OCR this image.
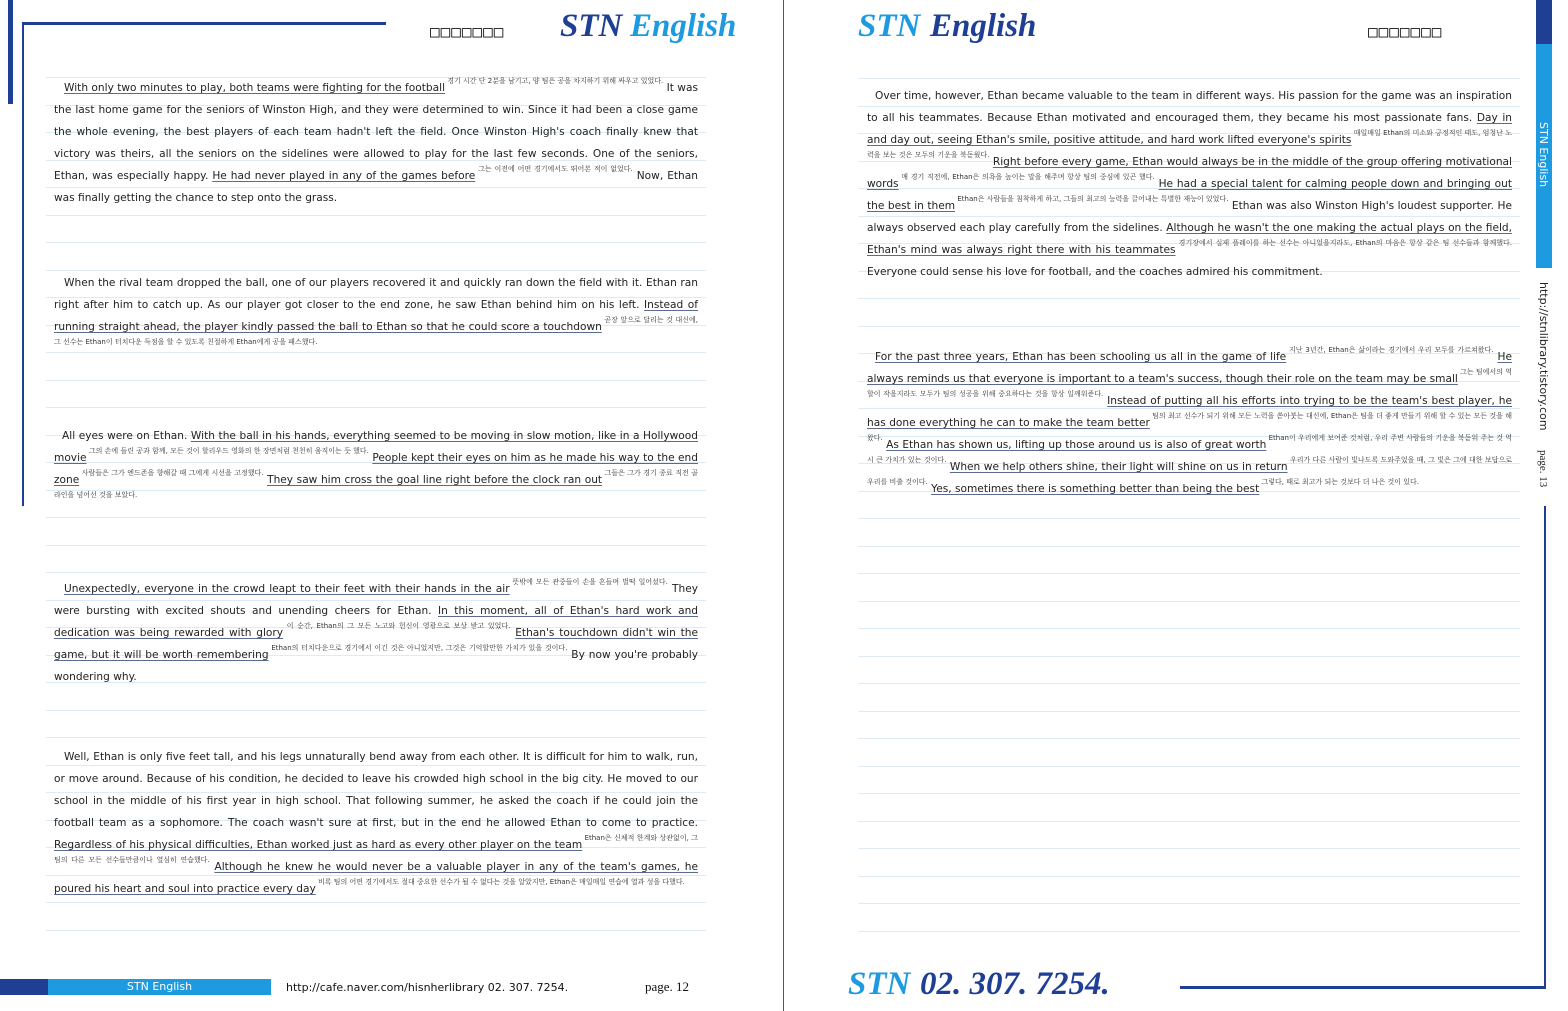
□□□□□□□ STN English
With only two minutes to play, both teams were fighting for the football $^{경기 시간 단 2분을 남기고, 양 팀은 공을 차지하기 위해 싸우고 있었다.}$ It was the last home game for the seniors of Winston High, and they were determined to win. Since it had been a close game the whole evening, the best players of each team hadn't left the field. Once Winston High's coach finally knew that victory was theirs, all the seniors on the sidelines were allowed to play for the last few seconds. One of the seniors, Ethan, was especially happy. He had never played in any of the games before $^{그는 이전에 어떤 경기에서도 뛰어본 적이 없었다.}$ Now, Ethan was finally getting the chance to step onto the grass.
When the rival team dropped the ball, one of our players recovered it and quickly ran down the field with it. Ethan ran right after him to catch up. As our player got closer to the end zone, he saw Ethan behind him on his left. Instead of running straight ahead, the player kindly passed the ball to Ethan so that he could score a touchdown $^{곧장 앞으로 달리는 것 대신에, 그 선수는 Ethan이 터치다운 득점을 할 수 있도록 친절하게 Ethan에게 공을 패스했다.}$
All eyes were on Ethan. With the ball in his hands, everything seemed to be moving in slow motion, like in a Hollywood movie $^{그의 손에 들린 공과 함께, 모든 것이 할리우드 영화의 한 장면처럼 천천히 움직이는 듯 했다.}$ People kept their eyes on him as he made his way to the end zone $^{사람들은 그가 엔드존을 향해갈 때 그에게 시선을 고정했다.}$ They saw him cross the goal line right before the clock ran out $^{그들은 그가 경기 종료 직전 골 라인을 넘어선 것을 보았다.}$
Unexpectedly, everyone in the crowd leapt to their feet with their hands in the air $^{뜻밖에 모든 관중들이 손을 흔들며 벌떡 일어섰다.}$ They were bursting with excited shouts and unending cheers for Ethan. In this moment, all of Ethan's hard work and dedication was being rewarded with glory $^{이 순간, Ethan의 그 모든 노고와 헌신이 영광으로 보상 받고 있었다.}$ Ethan's touchdown didn't win the game, but it will be worth remembering $^{Ethan의 터치다운으로 경기에서 이긴 것은 아니었지만, 그것은 기억할만한 가치가 있을 것이다.}$ By now you're probably wondering why.
Well, Ethan is only five feet tall, and his legs unnaturally bend away from each other. It is difficult for him to walk, run, or move around. Because of his condition, he decided to leave his crowded high school in the big city. He moved to our school in the middle of his first year in high school. That following summer, he asked the coach if he could join the football team as a sophomore. The coach wasn't sure at first, but in the end he allowed Ethan to come to practice. Regardless of his physical difficulties, Ethan worked just as hard as every other player on the team $^{Ethan은 신체적 한계와 상관없이, 그 팀의 다른 모든 선수들만큼이나 열심히 연습했다.}$ Although he knew he would never be a valuable player in any of the team's games, he poured his heart and soul into practice every day $^{비록 팀의 어떤 경기에서도 절대 중요한 선수가 될 수 없다는 것을 알았지만, Ethan은 매일매일 연습에 열과 성을 다했다.}$
STN English	http://cafe.naver.com/hisnherlibrary 02. 307. 7254.	page. 12
STN English	□□□□□□□
Over time, however, Ethan became valuable to the team in different ways. His passion for the game was an inspiration to all his teammates. Because Ethan motivated and encouraged them, they became his most passionate fans. Day in and day out, seeing Ethan's smile, positive attitude, and hard work lifted everyone's spirits $^{매일매일 Ethan의 미소와 긍정적인 태도, 엄청난 노력을 보는 것은 모두의 기운을 북돋웠다.}$ Right before every game, Ethan would always be in the middle of the group offering motivational words $^{매 경기 직전에, Ethan은 의욕을 높이는 말을 해주며 항상 팀의 중심에 있곤 했다.}$ He had a special talent for calming people down and bringing out the best in them $^{Ethan은 사람들을 침착하게 하고, 그들의 최고의 능력을 끌어내는 특별한 재능이 있었다.}$ Ethan was also Winston High's loudest supporter. He always observed each play carefully from the sidelines. Although he wasn't the one making the actual plays on the field, Ethan's mind was always right there with his teammates $^{경기장에서 실제 플레이를 하는 선수는 아니었을지라도, Ethan의 마음은 항상 같은 팀 선수들과 함께했다.}$ Everyone could sense his love for football, and the coaches admired his commitment.
For the past three years, Ethan has been schooling us all in the game of life $^{지난 3년간, Ethan은 삶이라는 경기에서 우리 모두를 가르쳐왔다.}$ He always reminds us that everyone is important to a team's success, though their role on the team may be small $^{그는 팀에서의 역할이 작을지라도 모두가 팀의 성공을 위해 중요하다는 것을 항상 일깨워준다.}$ Instead of putting all his efforts into trying to be the team's best player, he has done everything he can to make the team better $^{팀의 최고 선수가 되기 위해 모든 노력을 쏟아붓는 대신에, Ethan은 팀을 더 좋게 만들기 위해 할 수 있는 모든 것을 해왔다.}$ As Ethan has shown us, lifting up those around us is also of great worth $^{Ethan이 우리에게 보여준 것처럼, 우리 주변 사람들의 기운을 북돋워 주는 것 역시 큰 가치가 있는 것이다.}$ When we help others shine, their light will shine on us in return $^{우리가 다른 사람이 빛나도록 도와주었을 때, 그 빛은 그에 대한 보답으로 우리를 비출 것이다.}$ Yes, sometimes there is something better than being the best $^{그렇다, 때로 최고가 되는 것보다 더 나은 것이 있다.}$
STN English
http://stnlibrary.tistory.com
page. 13
STN 02. 307. 7254.
